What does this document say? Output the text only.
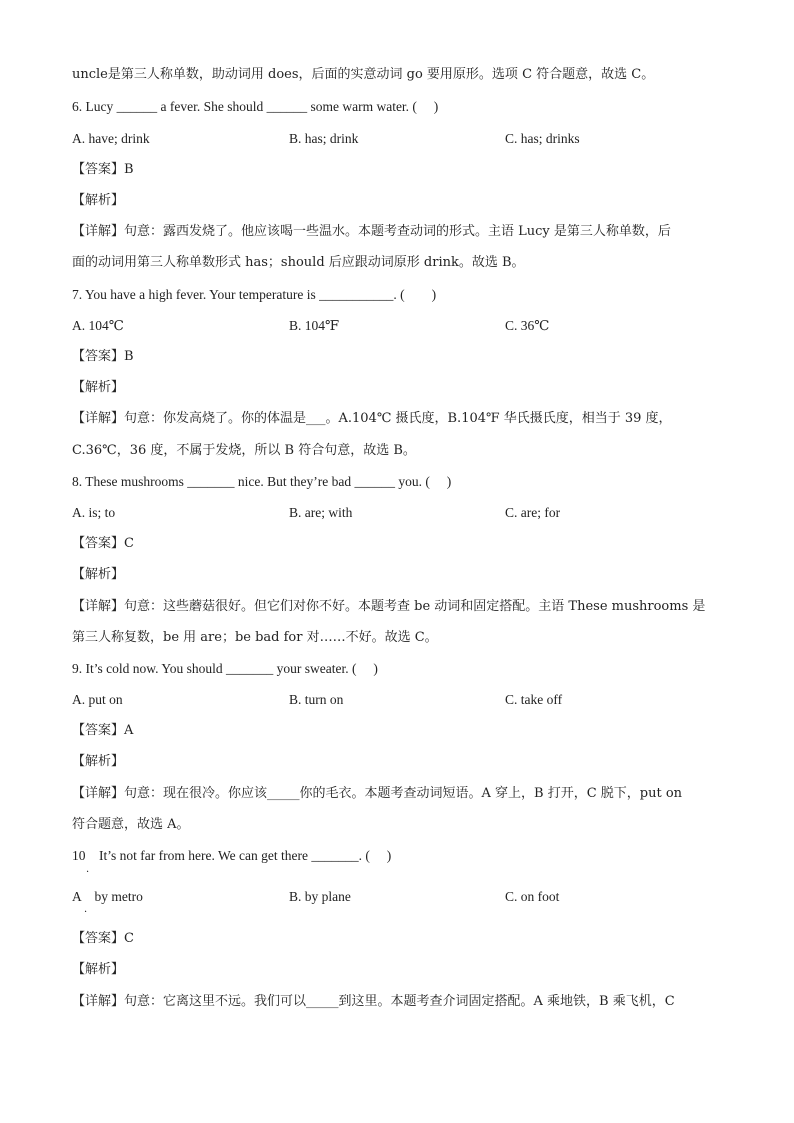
uncle是第三人称单数，助动词用 does，后面的实意动词 go 要用原形。选项 C 符合题意，故选 C。
6. Lucy ______ a fever. She should ______ some warm water. (　 )
A. have; drink	B. has; drink	C. has; drinks
【答案】B
【解析】
【详解】句意：露西发烧了。他应该喝一些温水。本题考查动词的形式。主语 Lucy 是第三人称单数，后
面的动词用第三人称单数形式 has；should 后应跟动词原形 drink。故选 B。
7. You have a high fever. Your temperature is ___________. (　　)
A. 104℃	B. 104℉	C. 36℃
【答案】B
【解析】
【详解】句意：你发高烧了。你的体温是___。A.104℃ 摄氏度，B.104℉ 华氏摄氏度，相当于 39 度，
C.36℃，36 度，不属于发烧，所以 B 符合句意，故选 B。
8. These mushrooms _______ nice. But they’re bad ______ you. (　 )
A. is; to	B. are; with	C. are; for
【答案】C
【解析】
【详解】句意：这些蘑菇很好。但它们对你不好。本题考查 be 动词和固定搭配。主语 These mushrooms 是
第三人称复数，be 用 are；be bad for 对……不好。故选 C。
9. It’s cold now. You should _______ your sweater. (　 )
A. put on	B. turn on	C. take off
【答案】A
【解析】
【详解】句意：现在很冷。你应该_____你的毛衣。本题考查动词短语。A 穿上，B 打开，C 脱下，put on
符合题意，故选 A。
10　It’s not far from here. We can get there _______. (　 )
·
A　by metro
·
B. by plane	C. on foot
【答案】C
【解析】
【详解】句意：它离这里不远。我们可以_____到这里。本题考查介词固定搭配。A 乘地铁，B 乘飞机，C
